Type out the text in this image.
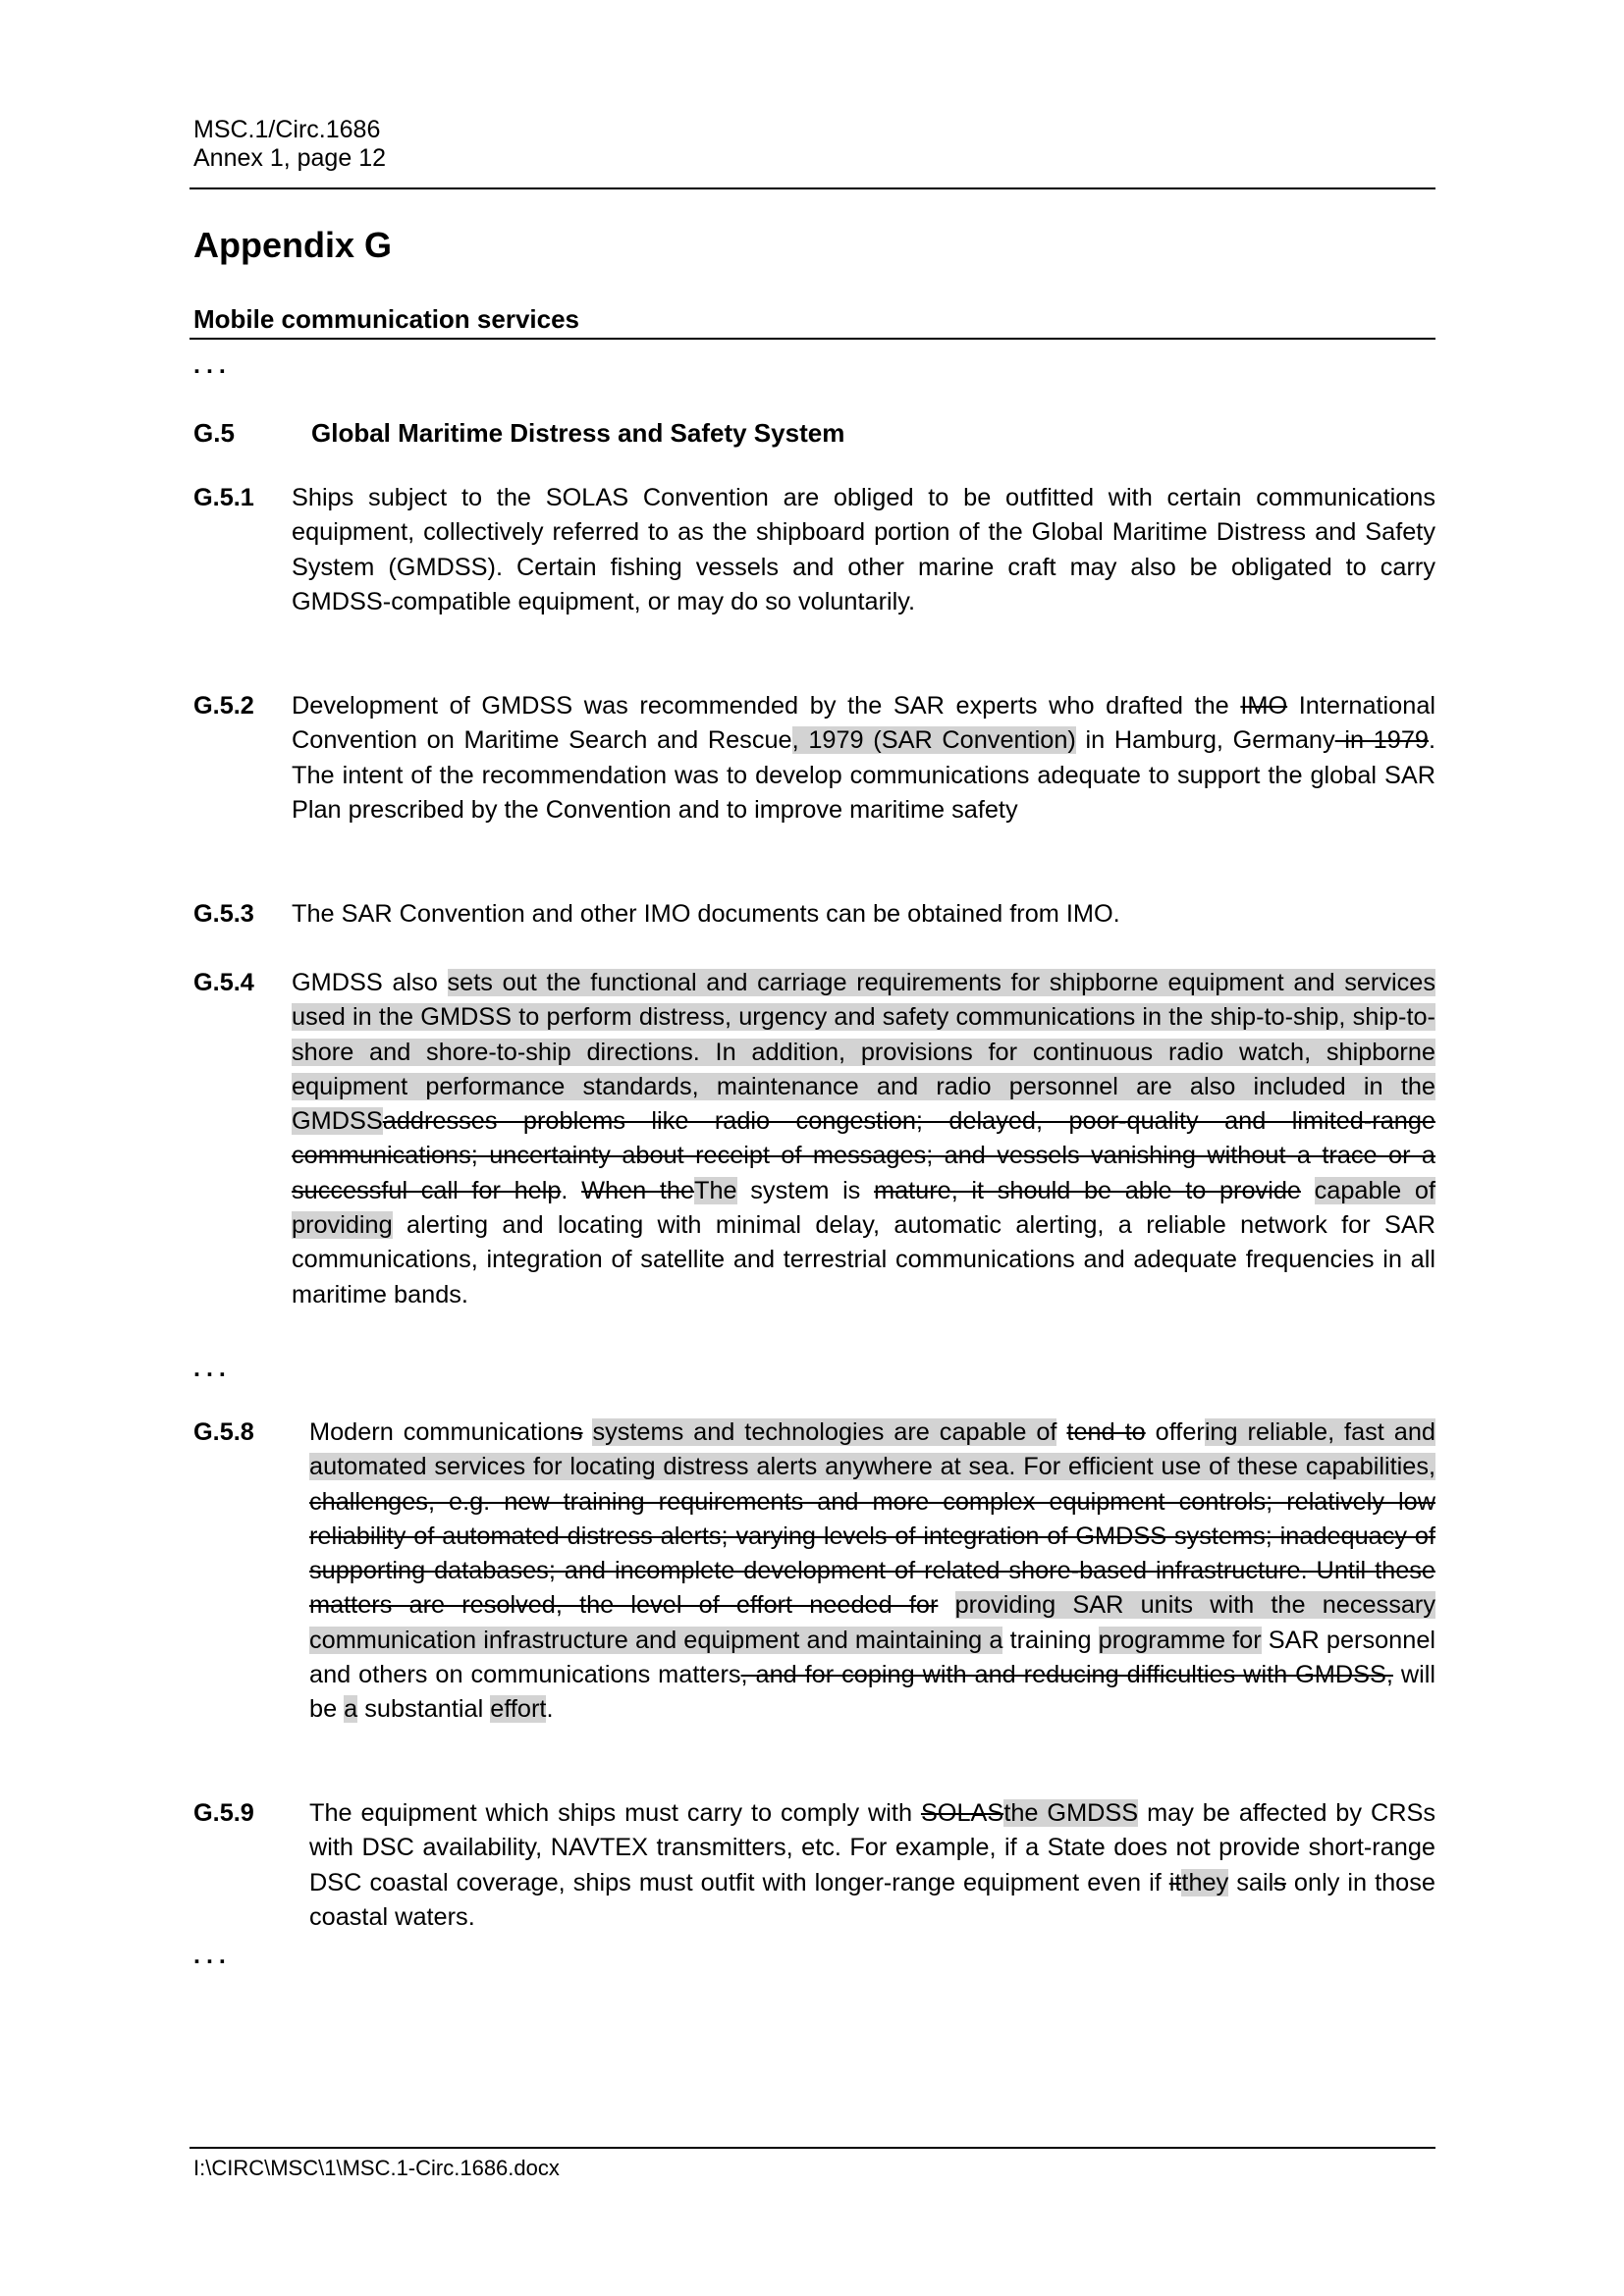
MSC.1/Circ.1686
Annex 1, page 12
Appendix G
Mobile communication services
...
G.5	Global Maritime Distress and Safety System
G.5.1 Ships subject to the SOLAS Convention are obliged to be outfitted with certain communications equipment, collectively referred to as the shipboard portion of the Global Maritime Distress and Safety System (GMDSS). Certain fishing vessels and other marine craft may also be obligated to carry GMDSS-compatible equipment, or may do so voluntarily.
G.5.2 Development of GMDSS was recommended by the SAR experts who drafted the IMO International Convention on Maritime Search and Rescue, 1979 (SAR Convention) in Hamburg, Germany in 1979. The intent of the recommendation was to develop communications adequate to support the global SAR Plan prescribed by the Convention and to improve maritime safety
G.5.3 The SAR Convention and other IMO documents can be obtained from IMO.
G.5.4 GMDSS also sets out the functional and carriage requirements for shipborne equipment and services used in the GMDSS to perform distress, urgency and safety communications in the ship-to-ship, ship-to-shore and shore-to-ship directions. In addition, provisions for continuous radio watch, shipborne equipment performance standards, maintenance and radio personnel are also included in the GMDSSaddresses problems like radio congestion; delayed, poor-quality and limited-range communications; uncertainty about receipt of messages; and vessels vanishing without a trace or a successful call for help. When theThe system is mature, it should be able to provide capable of providing alerting and locating with minimal delay, automatic alerting, a reliable network for SAR communications, integration of satellite and terrestrial communications and adequate frequencies in all maritime bands.
...
G.5.8 Modern communications systems and technologies are capable of tend to offering reliable, fast and automated services for locating distress alerts anywhere at sea. For efficient use of these capabilities, challenges, e.g. new training requirements and more complex equipment controls; relatively low reliability of automated distress alerts; varying levels of integration of GMDSS systems; inadequacy of supporting databases; and incomplete development of related shore-based infrastructure. Until these matters are resolved, the level of effort needed for providing SAR units with the necessary communication infrastructure and equipment and maintaining a training programme for SAR personnel and others on communications matters, and for coping with and reducing difficulties with GMDSS, will be a substantial effort.
G.5.9 The equipment which ships must carry to comply with SOLASthe GMDSS may be affected by CRSs with DSC availability, NAVTEX transmitters, etc. For example, if a State does not provide short-range DSC coastal coverage, ships must outfit with longer-range equipment even if itthey sails only in those coastal waters.
...
I:\CIRC\MSC\1\MSC.1-Circ.1686.docx
